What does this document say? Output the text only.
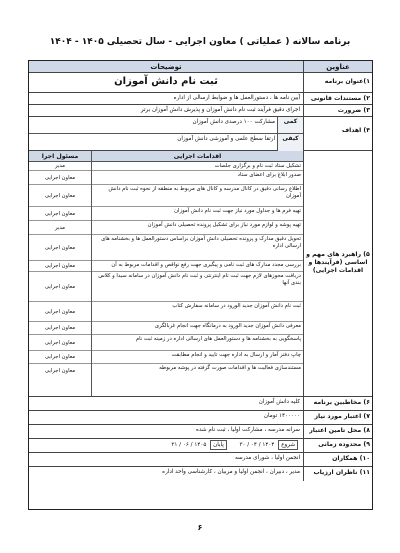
برنامه سالانه ( عملیاتی ) معاون اجرایی - سال تحصیلی ۱۴۰۵ - ۱۴۰۴
عناوین
توضیحات
۱)عنوان برنامه
ثبت نام دانش آموزان
۲) مستندات قانونی
آیین نامه ها ، دستورالعمل ها و ضوابط ارسالی از اداره
۳) ضرورت
اجرای دقیق فرآیند ثبت نام دانش آموزان و پذیرش دانش آموزان برتر
۴) اهداف
کمی
مشارکت ۱۰۰ درصدی دانش آموزان
کیفی
ارتقا سطح علمی و آموزشی دانش آموزان
۵) راهبرد های مهم و اساسی (فرآیندها و اقدامات اجرایی)
اقدامات اجرایی
تشکیل ستاد ثبت نام و برگزاری جلسات
صدور ابلاغ برای اعضای ستاد
اطلاع رسانی دقیق در کانال مدرسه و کانال های مربوط به منطقه از نحوه ثبت نام دانش آموزان
تهیه فرم ها و جداول مورد نیاز جهت ثبت نام دانش آموزان
تهیه پوشه و لوازم مورد نیاز برای تشکیل پرونده تحصیلی دانش آموزان
تحویل دقیق مدارک و پرونده تحصیلی دانش آموزان براساس دستورالعمل ها و بخشنامه های ارسالی اداره
بررسی مجدد مدارک های ثبت نامی و پیگیری جهت رفع نواقص و اقدامات مربوط به آن
دریافت مجوزهای لازم جهت ثبت نام اینترنتی و ثبت نام دانش آموزان در سامانه سیدا و کلاس بندی آنها
ثبت نام دانش آموزان جدید الورود در سامانه سفارش کتاب
معرفی دانش آموزان جدید الورود به درمانگاه جهت انجام غربالگری
پاسخگویی به بخشنامه ها و دستورالعمل های ارسالی اداره در زمینه ثبت نام
چاپ دفتر آمار و ارسال به اداره جهت تایید و انجام مطابقت
مستندسازی فعالیت ها و اقدامات صورت گرفته در پوشه مربوطه
مسئول اجرا
مدیر
معاون اجرایی
معاون اجرایی
معاون اجرایی
مدیر
معاون اجرایی
معاون اجرایی
معاون اجرایی
معاون اجرایی
معاون اجرایی
معاون اجرایی
معاون اجرایی
معاون اجرایی
۶) مخاطبین برنامه
کلیه دانش آموزان
۷) اعتبار مورد نیاز
۱۴۰۰۰۰۰ تومان
۸) محل تامین اعتبار
سرانه مدرسه ، مشارکت اولیا ، ثبت نام شده
۹) محدوده زمانی
شروع ۱۴۰۴ / ۰۴ / ۳۰      پایان ۱۴۰۵ / ۰۶ / ۳۱
۱۰) همکاران
انجمن اولیا ، شورای مدرسه
۱۱) ناظران ارزیاب
مدیر ، دبیران ، انجمن اولیا و مربیان ، کارشناسی واحد اداره
۶
